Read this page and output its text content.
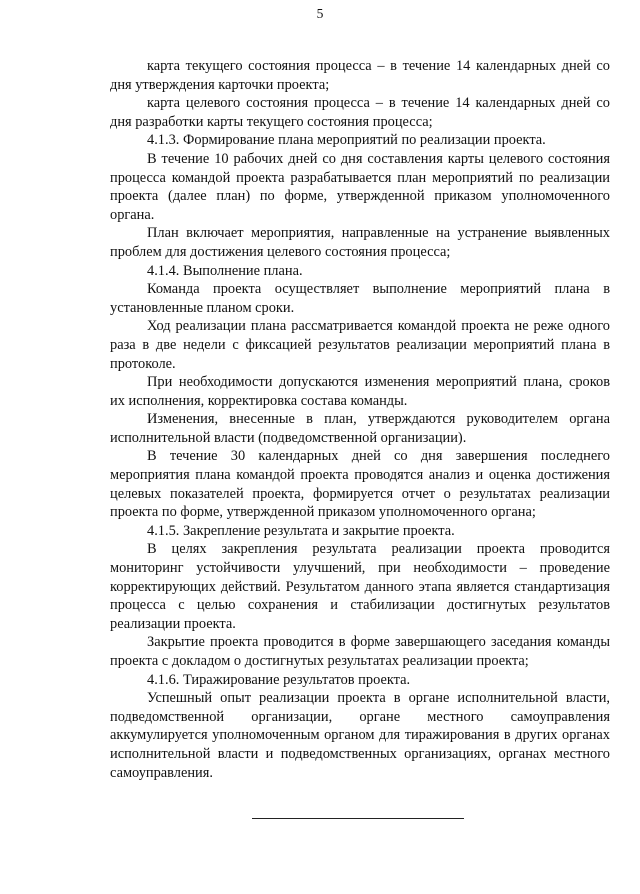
5

карта текущего состояния процесса – в течение 14 календарных дней со дня утверждения карточки проекта;

карта целевого состояния процесса – в течение 14 календарных дней со дня разработки карты текущего состояния процесса;

4.1.3. Формирование плана мероприятий по реализации проекта.

В течение 10 рабочих дней со дня составления карты целевого состояния процесса командой проекта разрабатывается план мероприятий по реализации проекта (далее план) по форме, утвержденной приказом уполномоченного органа.

План включает мероприятия, направленные на устранение выявленных проблем для достижения целевого состояния процесса;

4.1.4. Выполнение плана.

Команда проекта осуществляет выполнение мероприятий плана в установленные планом сроки.

Ход реализации плана рассматривается командой проекта не реже одного раза в две недели с фиксацией результатов реализации мероприятий плана в протоколе.

При необходимости допускаются изменения мероприятий плана, сроков их исполнения, корректировка состава команды.

Изменения, внесенные в план, утверждаются руководителем органа исполнительной власти (подведомственной организации).

В течение 30 календарных дней со дня завершения последнего мероприятия плана командой проекта проводятся анализ и оценка достижения целевых показателей проекта, формируется отчет о результатах реализации проекта по форме, утвержденной приказом уполномоченного органа;

4.1.5. Закрепление результата и закрытие проекта.

В целях закрепления результата реализации проекта проводится мониторинг устойчивости улучшений, при необходимости – проведение корректирующих действий. Результатом данного этапа является стандартизация процесса с целью сохранения и стабилизации достигнутых результатов реализации проекта.

Закрытие проекта проводится в форме завершающего заседания команды проекта с докладом о достигнутых результатах реализации проекта;

4.1.6. Тиражирование результатов проекта.

Успешный опыт реализации проекта в органе исполнительной власти, подведомственной организации, органе местного самоуправления аккумулируется уполномоченным органом для тиражирования в других органах исполнительной власти и подведомственных организациях, органах местного самоуправления.
